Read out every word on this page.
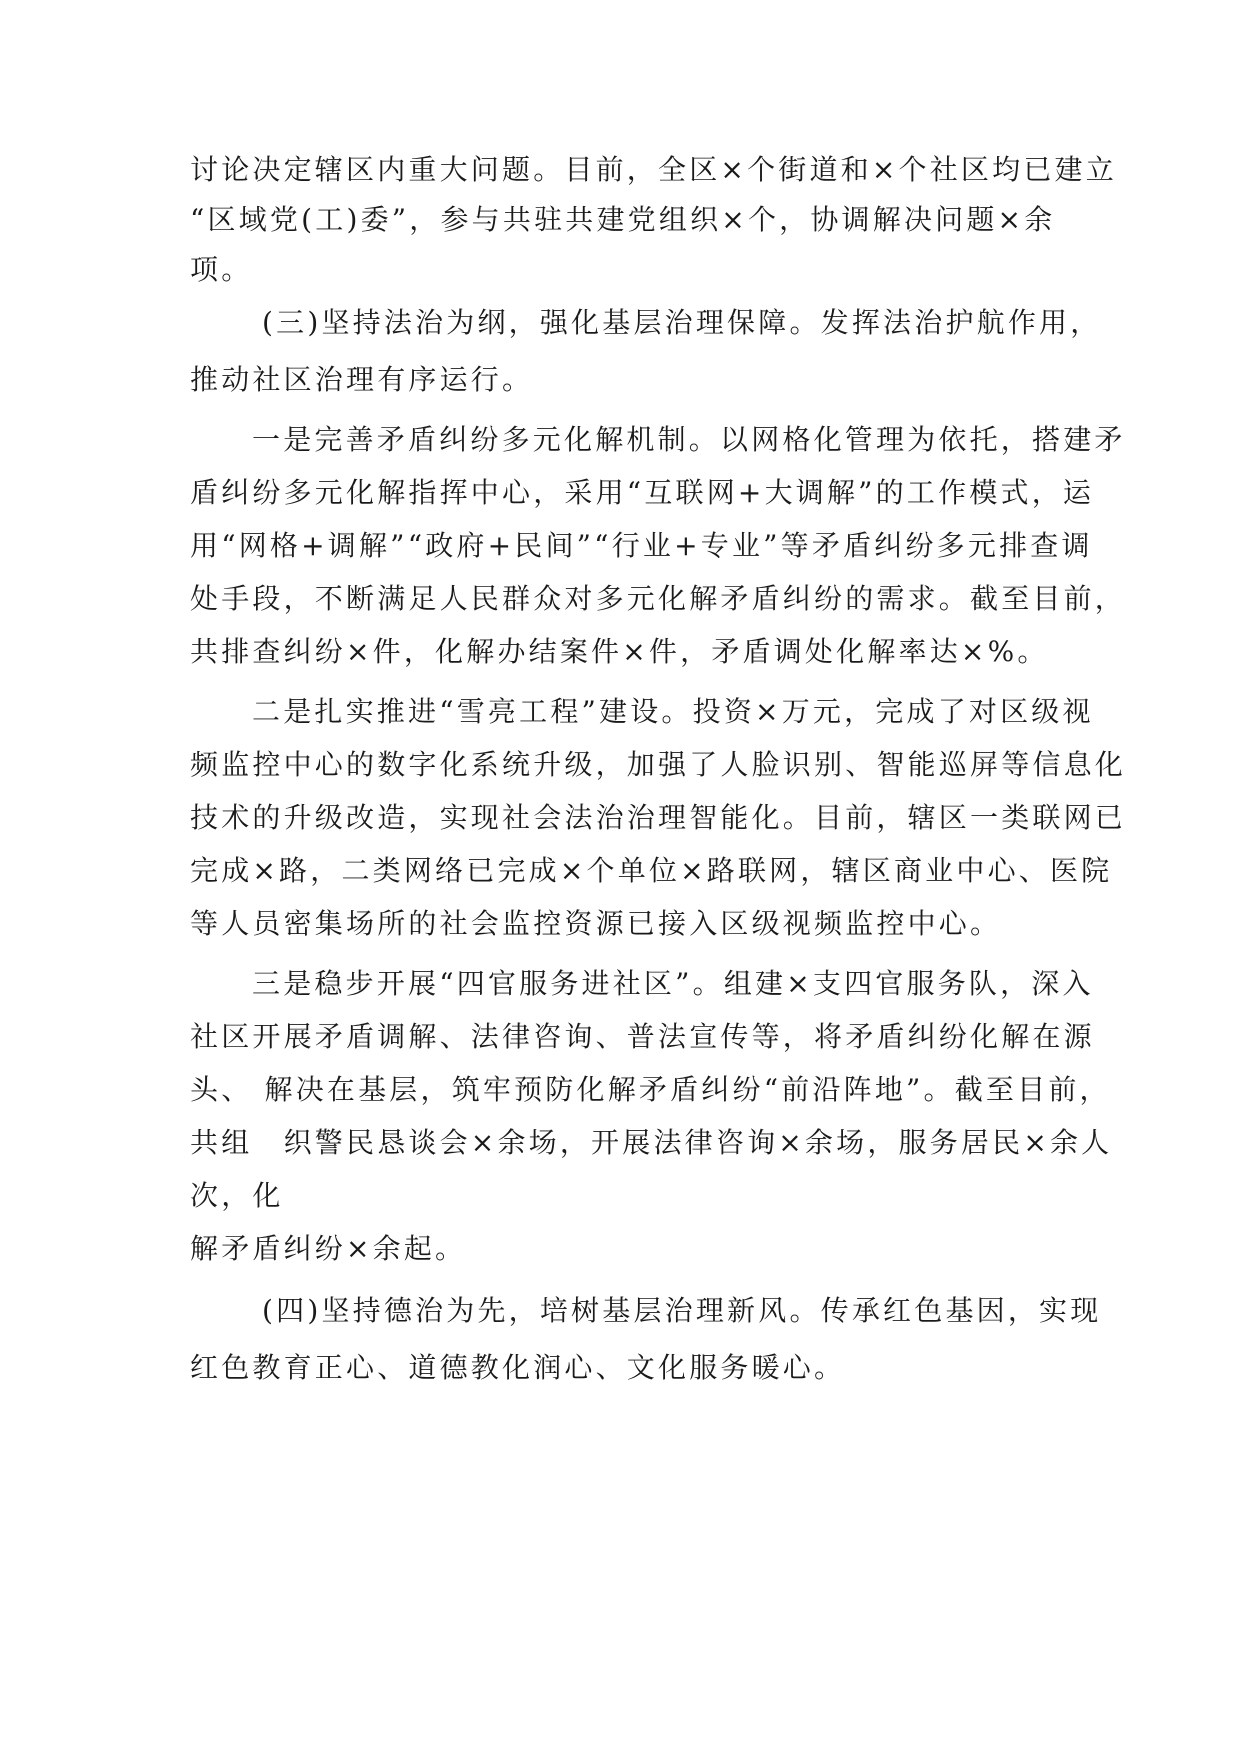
讨论决定辖区内重大问题。目前，全区×个街道和×个社区均已建立

“区域党(工)委”，参与共驻共建党组织×个，协调解决问题×余

项。

(三)坚持法治为纲，强化基层治理保障。发挥法治护航作用，

推动社区治理有序运行。

一是完善矛盾纠纷多元化解机制。以网格化管理为依托，搭建矛

盾纠纷多元化解指挥中心，采用“互联网+大调解”的工作模式，运

用“网格+调解”“政府+民间”“行业+专业”等矛盾纠纷多元排查调

处手段，不断满足人民群众对多元化解矛盾纠纷的需求。截至目前，

共排查纠纷×件，化解办结案件×件，矛盾调处化解率达×%。

二是扎实推进“雪亮工程”建设。投资×万元，完成了对区级视

频监控中心的数字化系统升级，加强了人脸识别、智能巡屏等信息化

技术的升级改造，实现社会法治治理智能化。目前，辖区一类联网已

完成×路，二类网络已完成×个单位×路联网，辖区商业中心、医院

等人员密集场所的社会监控资源已接入区级视频监控中心。

三是稳步开展“四官服务进社区”。组建×支四官服务队，深入

社区开展矛盾调解、法律咨询、普法宣传等，将矛盾纠纷化解在源

头、 解决在基层，筑牢预防化解矛盾纠纷“前沿阵地”。截至目前，

共组　织警民恳谈会×余场，开展法律咨询×余场，服务居民×余人

次，化

解矛盾纠纷×余起。

(四)坚持德治为先，培树基层治理新风。传承红色基因，实现

红色教育正心、道德教化润心、文化服务暖心。
